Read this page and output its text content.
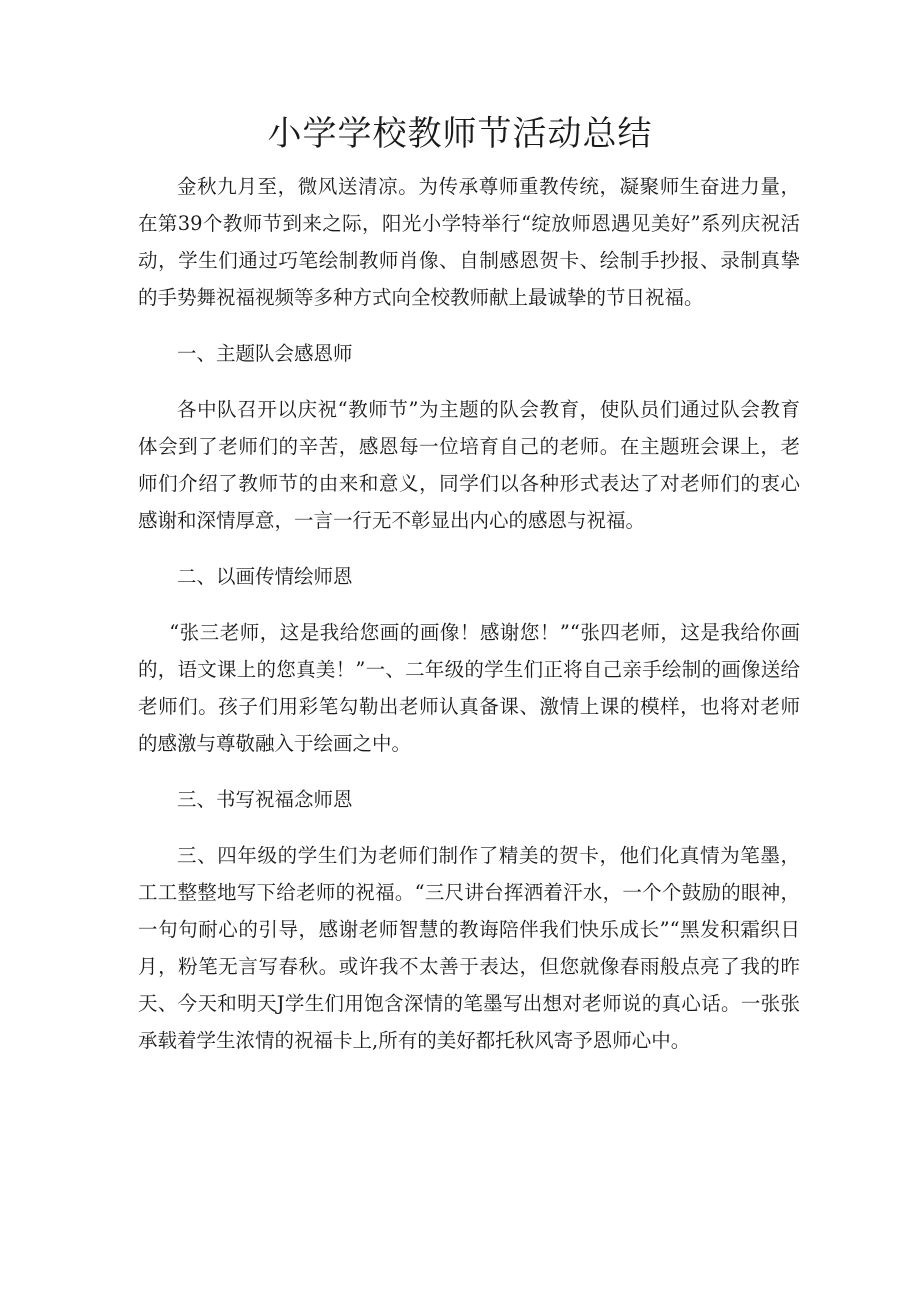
小学学校教师节活动总结

金秋九月至，微风送清凉。为传承尊师重教传统，凝聚师生奋进力量，在第39个教师节到来之际，阳光小学特举行“绽放师恩遇见美好”系列庆祝活动，学生们通过巧笔绘制教师肖像、自制感恩贺卡、绘制手抄报、录制真挚的手势舞祝福视频等多种方式向全校教师献上最诚挚的节日祝福。

一、主题队会感恩师

各中队召开以庆祝“教师节”为主题的队会教育，使队员们通过队会教育体会到了老师们的辛苦，感恩每一位培育自己的老师。在主题班会课上，老师们介绍了教师节的由来和意义，同学们以各种形式表达了对老师们的衷心感谢和深情厚意，一言一行无不彰显出内心的感恩与祝福。

二、以画传情绘师恩

“张三老师，这是我给您画的画像！感谢您！”“张四老师，这是我给你画的，语文课上的您真美！”一、二年级的学生们正将自己亲手绘制的画像送给老师们。孩子们用彩笔勾勒出老师认真备课、激情上课的模样，也将对老师的感激与尊敬融入于绘画之中。

三、书写祝福念师恩

三、四年级的学生们为老师们制作了精美的贺卡，他们化真情为笔墨，工工整整地写下给老师的祝福。“三尺讲台挥洒着汗水，一个个鼓励的眼神，一句句耐心的引导，感谢老师智慧的教诲陪伴我们快乐成长”“黑发积霜织日月，粉笔无言写春秋。或许我不太善于表达，但您就像春雨般点亮了我的昨天、今天和明天J学生们用饱含深情的笔墨写出想对老师说的真心话。一张张承载着学生浓情的祝福卡上,所有的美好都托秋风寄予恩师心中。
